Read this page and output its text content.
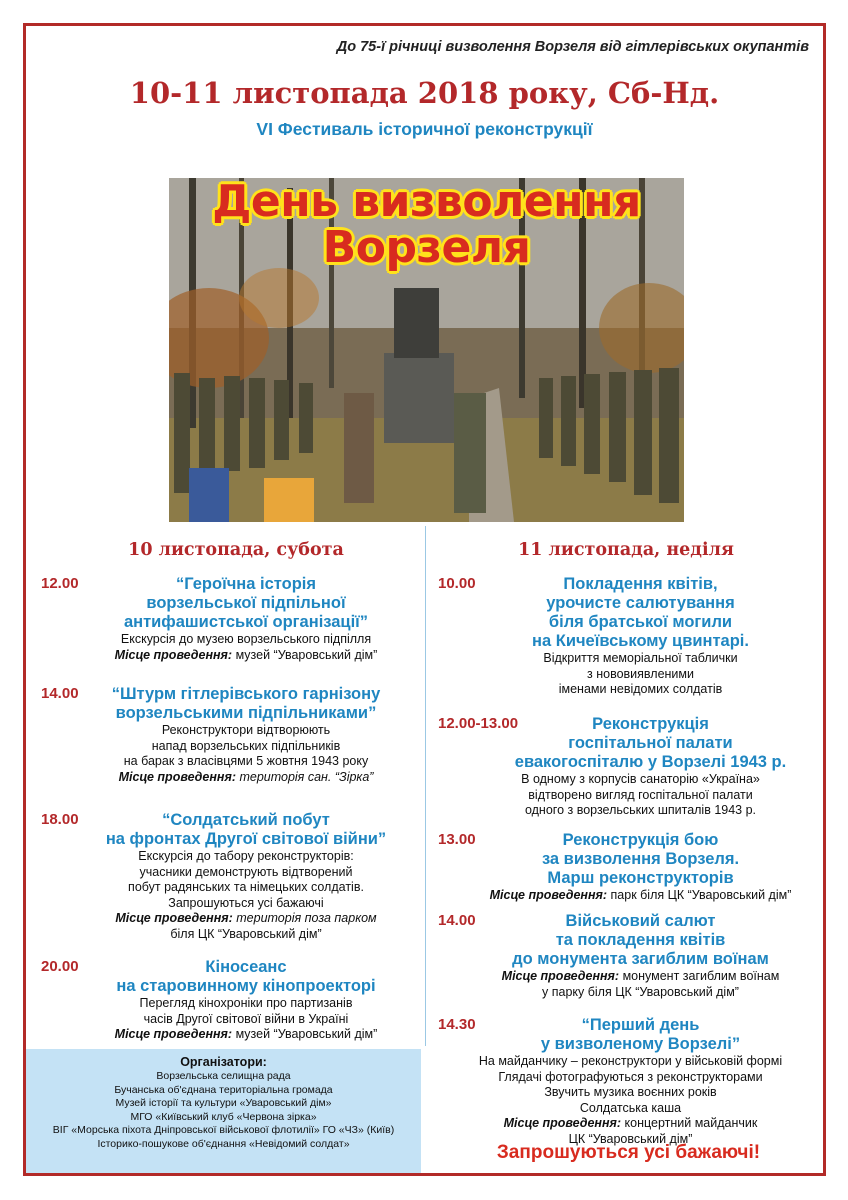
До 75-ї річниці визволення Ворзеля від гітлерівських окупантів
10-11 листопада 2018 року, Сб-Нд.
VI Фестиваль історичної реконструкції
День визволення
Ворзеля
10 листопада, субота	11 листопада, неділя
12.00	“Героїчна історія
ворзельської підпільної
антифашистської організації”
Екскурсія до музею ворзельського підпілля
Місце проведення: музей “Уваровський дім”
14.00	“Штурм гітлерівського гарнізону
ворзельськими підпільниками”
Реконструктори відтворюють
напад ворзельських підпільників
на барак з власівцями 5 жовтня 1943 року
Місце проведення: територія сан. “Зірка”
18.00	“Солдатський побут
на фронтах Другої світової війни”
Екскурсія до табору реконструкторів:
учасники демонструють відтворений
побут радянських та німецьких солдатів.
Запрошуються усі бажаючі
Місце проведення: територія поза парком
біля ЦК “Уваровський дім”
20.00	Кіносеанс
на старовинному кінопроекторі
Перегляд кінохроніки про партизанів
часів Другої світової війни в Україні
Місце проведення: музей “Уваровський дім”
10.00	Покладення квітів,
урочисте салютування
біля братської могили
на Кичеївському цвинтарі.
Відкриття меморіальної таблички
з нововиявленими
іменами невідомих солдатів
12.00-13.00	Реконструкція
госпітальної палати
евакогоспіталю у Ворзелі 1943 р.
В одному з корпусів санаторію «Україна»
відтворено вигляд госпітальної палати
одного з ворзельських шпиталів 1943 р.
13.00	Реконструкція бою
за визволення Ворзеля.
Марш реконструкторів
Місце проведення: парк біля ЦК “Уваровський дім”
14.00	Військовий салют
та покладення квітів
до монумента загиблим воїнам
Місце проведення: монумент загиблим воїнам
у парку біля ЦК “Уваровський дім”
14.30	“Перший день
у визволеному Ворзелі”
На майданчику – реконструктори у військовій формі
Глядачі фотографуються з реконструкторами
Звучить музика воєнних років
Солдатська каша
Місце проведення: концертний майданчик
ЦК “Уваровський дім”
Організатори:
Ворзельська селищна рада
Бучанська об'єднана територіальна громада
Музей історії та культури «Уваровський дім»
МГО «Київський клуб «Червона зірка»
ВІГ «Морська піхота Дніпровської військової флотилії» ГО «ЧЗ» (Київ)
Історико-пошукове об'єднання «Невідомий солдат»	Запрошуються усі бажаючі!
